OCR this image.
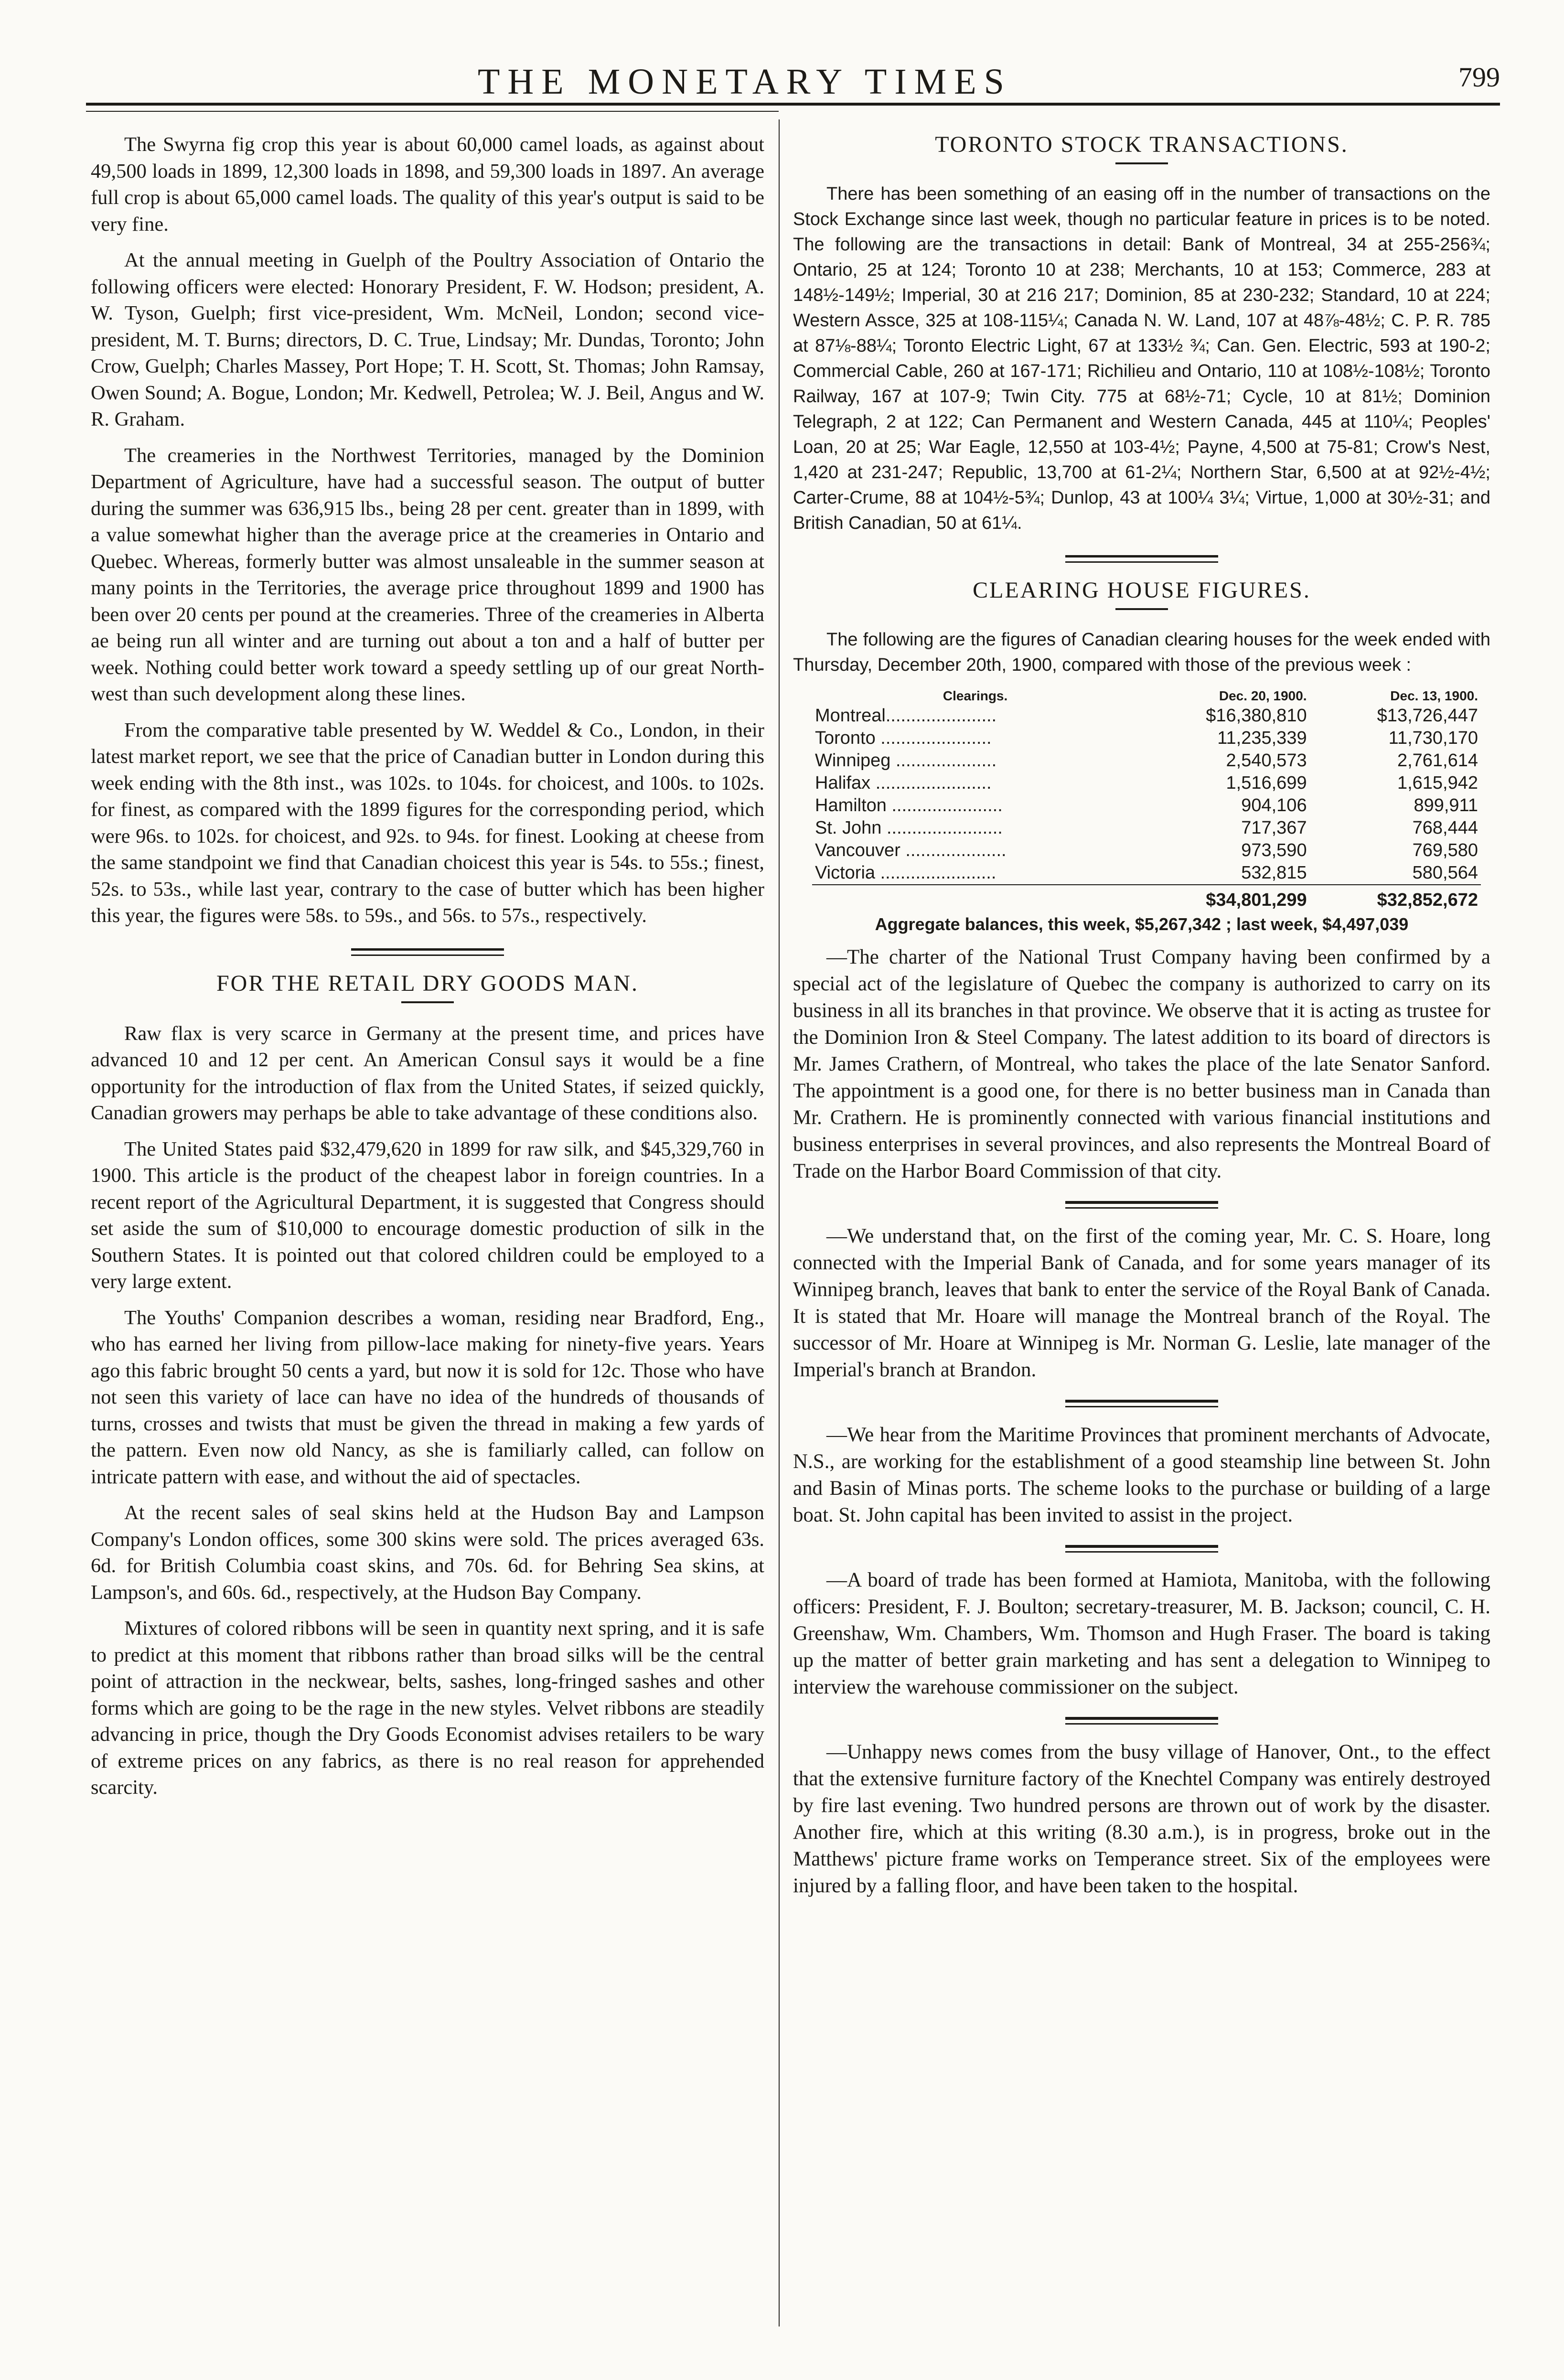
THE MONETARY TIMES	799

The Swyrna fig crop this year is about 60,000 camel loads, as against about 49,500 loads in 1899, 12,300 loads in 1898, and 59,300 loads in 1897. An average full crop is about 65,000 camel loads. The quality of this year's output is said to be very fine.

At the annual meeting in Guelph of the Poultry Association of Ontario the following officers were elected: Honorary President, F. W. Hodson; president, A. W. Tyson, Guelph; first vice-president, Wm. McNeil, London; second vice-president, M. T. Burns; directors, D. C. True, Lindsay; Mr. Dundas, Toronto; John Crow, Guelph; Charles Massey, Port Hope; T. H. Scott, St. Thomas; John Ramsay, Owen Sound; A. Bogue, London; Mr. Kedwell, Petrolea; W. J. Beil, Angus and W. R. Graham.

The creameries in the Northwest Territories, managed by the Dominion Department of Agriculture, have had a successful season. The output of butter during the summer was 636,915 lbs., being 28 per cent. greater than in 1899, with a value somewhat higher than the average price at the creameries in Ontario and Quebec. Whereas, formerly butter was almost unsaleable in the summer season at many points in the Territories, the average price throughout 1899 and 1900 has been over 20 cents per pound at the creameries. Three of the creameries in Alberta ae being run all winter and are turning out about a ton and a half of butter per week. Nothing could better work toward a speedy settling up of our great North-west than such development along these lines.

From the comparative table presented by W. Weddel & Co., London, in their latest market report, we see that the price of Canadian butter in London during this week ending with the 8th inst., was 102s. to 104s. for choicest, and 100s. to 102s. for finest, as compared with the 1899 figures for the corresponding period, which were 96s. to 102s. for choicest, and 92s. to 94s. for finest. Looking at cheese from the same standpoint we find that Canadian choicest this year is 54s. to 55s.; finest, 52s. to 53s., while last year, contrary to the case of butter which has been higher this year, the figures were 58s. to 59s., and 56s. to 57s., respectively.

FOR THE RETAIL DRY GOODS MAN.

Raw flax is very scarce in Germany at the present time, and prices have advanced 10 and 12 per cent. An American Consul says it would be a fine opportunity for the introduction of flax from the United States, if seized quickly, Canadian growers may perhaps be able to take advantage of these conditions also.

The United States paid $32,479,620 in 1899 for raw silk, and $45,329,760 in 1900. This article is the product of the cheapest labor in foreign countries. In a recent report of the Agricultural Department, it is suggested that Congress should set aside the sum of $10,000 to encourage domestic production of silk in the Southern States. It is pointed out that colored children could be employed to a very large extent.

The Youths' Companion describes a woman, residing near Bradford, Eng., who has earned her living from pillow-lace making for ninety-five years. Years ago this fabric brought 50 cents a yard, but now it is sold for 12c. Those who have not seen this variety of lace can have no idea of the hundreds of thousands of turns, crosses and twists that must be given the thread in making a few yards of the pattern. Even now old Nancy, as she is familiarly called, can follow on intricate pattern with ease, and without the aid of spectacles.

At the recent sales of seal skins held at the Hudson Bay and Lampson Company's London offices, some 300 skins were sold. The prices averaged 63s. 6d. for British Columbia coast skins, and 70s. 6d. for Behring Sea skins, at Lampson's, and 60s. 6d., respectively, at the Hudson Bay Company.

Mixtures of colored ribbons will be seen in quantity next spring, and it is safe to predict at this moment that ribbons rather than broad silks will be the central point of attraction in the neckwear, belts, sashes, long-fringed sashes and other forms which are going to be the rage in the new styles. Velvet ribbons are steadily advancing in price, though the Dry Goods Economist advises retailers to be wary of extreme prices on any fabrics, as there is no real reason for apprehended scarcity.

TORONTO STOCK TRANSACTIONS.

There has been something of an easing off in the number of transactions on the Stock Exchange since last week, though no particular feature in prices is to be noted. The following are the transactions in detail: Bank of Montreal, 34 at 255-256¾; Ontario, 25 at 124; Toronto 10 at 238; Merchants, 10 at 153; Commerce, 283 at 148½-149½; Imperial, 30 at 216 217; Dominion, 85 at 230-232; Standard, 10 at 224; Western Assce, 325 at 108-115¼; Canada N. W. Land, 107 at 48⅞-48½; C. P. R. 785 at 87⅛-88¼; Toronto Electric Light, 67 at 133½ ¾; Can. Gen. Electric, 593 at 190-2; Commercial Cable, 260 at 167-171; Richilieu and Ontario, 110 at 108½-108½; Toronto Railway, 167 at 107-9; Twin City. 775 at 68½-71; Cycle, 10 at 81½; Dominion Telegraph, 2 at 122; Can Permanent and Western Canada, 445 at 110¼; Peoples' Loan, 20 at 25; War Eagle, 12,550 at 103-4½; Payne, 4,500 at 75-81; Crow's Nest, 1,420 at 231-247; Republic, 13,700 at 61-2¼; Northern Star, 6,500 at at 92½-4½; Carter-Crume, 88 at 104½-5¾; Dunlop, 43 at 100¼ 3¼; Virtue, 1,000 at 30½-31; and British Canadian, 50 at 61¼.

CLEARING HOUSE FIGURES.

The following are the figures of Canadian clearing houses for the week ended with Thursday, December 20th, 1900, compared with those of the previous week :

Clearings.	Dec. 20, 1900.	Dec. 13, 1900.
Montreal......................	$16,380,810	$13,726,447
Toronto ......................	11,235,339	11,730,170
Winnipeg ....................	2,540,573	2,761,614
Halifax .......................	1,516,699	1,615,942
Hamilton ......................	904,106	899,911
St. John .......................	717,367	768,444
Vancouver ....................	973,590	769,580
Victoria .......................	532,815	580,564
	$34,801,299	$32,852,672
Aggregate balances, this week, $5,267,342 ; last week, $4,497,039

—The charter of the National Trust Company having been confirmed by a special act of the legislature of Quebec the company is authorized to carry on its business in all its branches in that province. We observe that it is acting as trustee for the Dominion Iron & Steel Company. The latest addition to its board of directors is Mr. James Crathern, of Montreal, who takes the place of the late Senator Sanford. The appointment is a good one, for there is no better business man in Canada than Mr. Crathern. He is prominently connected with various financial institutions and business enterprises in several provinces, and also represents the Montreal Board of Trade on the Harbor Board Commission of that city.

—We understand that, on the first of the coming year, Mr. C. S. Hoare, long connected with the Imperial Bank of Canada, and for some years manager of its Winnipeg branch, leaves that bank to enter the service of the Royal Bank of Canada. It is stated that Mr. Hoare will manage the Montreal branch of the Royal. The successor of Mr. Hoare at Winnipeg is Mr. Norman G. Leslie, late manager of the Imperial's branch at Brandon.

—We hear from the Maritime Provinces that prominent merchants of Advocate, N.S., are working for the establishment of a good steamship line between St. John and Basin of Minas ports. The scheme looks to the purchase or building of a large boat. St. John capital has been invited to assist in the project.

—A board of trade has been formed at Hamiota, Manitoba, with the following officers: President, F. J. Boulton; secretary-treasurer, M. B. Jackson; council, C. H. Greenshaw, Wm. Chambers, Wm. Thomson and Hugh Fraser. The board is taking up the matter of better grain marketing and has sent a delegation to Winnipeg to interview the warehouse commissioner on the subject.

—Unhappy news comes from the busy village of Hanover, Ont., to the effect that the extensive furniture factory of the Knechtel Company was entirely destroyed by fire last evening. Two hundred persons are thrown out of work by the disaster. Another fire, which at this writing (8.30 a.m.), is in progress, broke out in the Matthews' picture frame works on Temperance street. Six of the employees were injured by a falling floor, and have been taken to the hospital.
